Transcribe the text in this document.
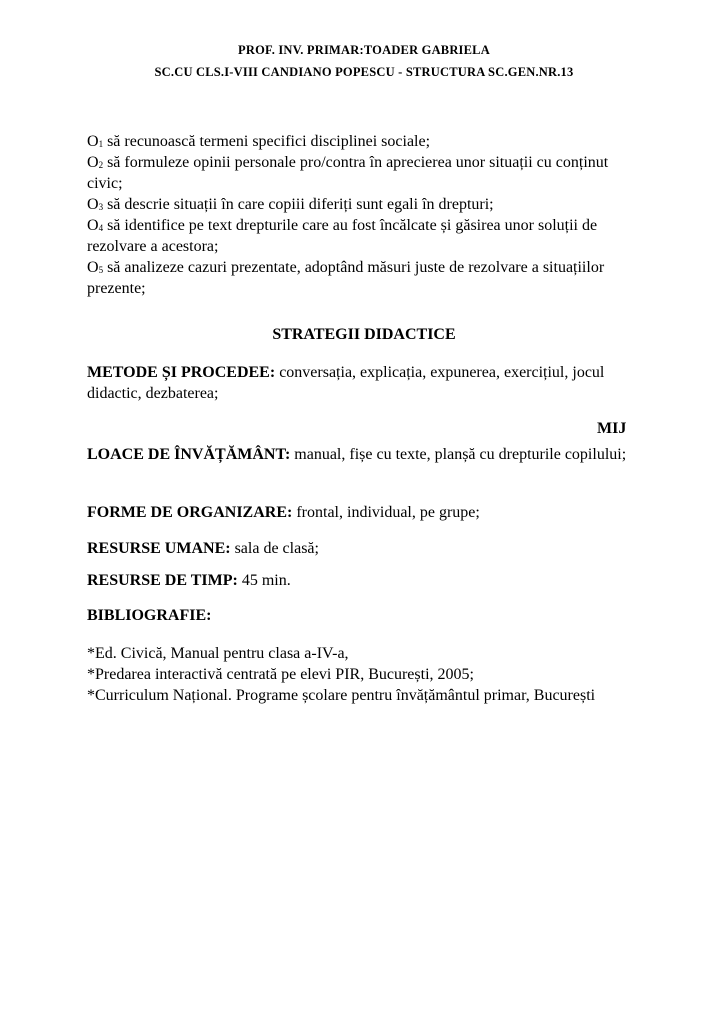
PROF. INV. PRIMAR:TOADER GABRIELA
SC.CU CLS.I-VIII CANDIANO POPESCU - STRUCTURA SC.GEN.NR.13

$O_1$ să recunoască termeni specifici disciplinei sociale;

$O_2$ să formuleze opinii personale pro/contra în aprecierea unor situații cu conținut civic;

$O_3$ să descrie situații în care copiii diferiți sunt egali în drepturi;

$O_4$ să identifice pe text drepturile care au fost încălcate și găsirea unor soluții de rezolvare a acestora;

$O_5$ să analizeze cazuri prezentate, adoptând măsuri juste de rezolvare a situațiilor prezente;

STRATEGII DIDACTICE
METODE ȘI PROCEDEE: conversația, explicația, expunerea, exercițiul, jocul didactic, dezbaterea;
MIJ
LOACE DE ÎNVĂȚĂMÂNT: manual, fișe cu texte, planșă cu drepturile copilului;
FORME DE ORGANIZARE: frontal, individual, pe grupe;
RESURSE UMANE: sala de clasă;
RESURSE DE TIMP: 45 min.
BIBLIOGRAFIE:

*Ed. Civică, Manual pentru clasa a-IV-a,

*Predarea interactivă centrată pe elevi PIR, București, 2005;

*Curriculum Național. Programe școlare pentru învățământul primar, București
